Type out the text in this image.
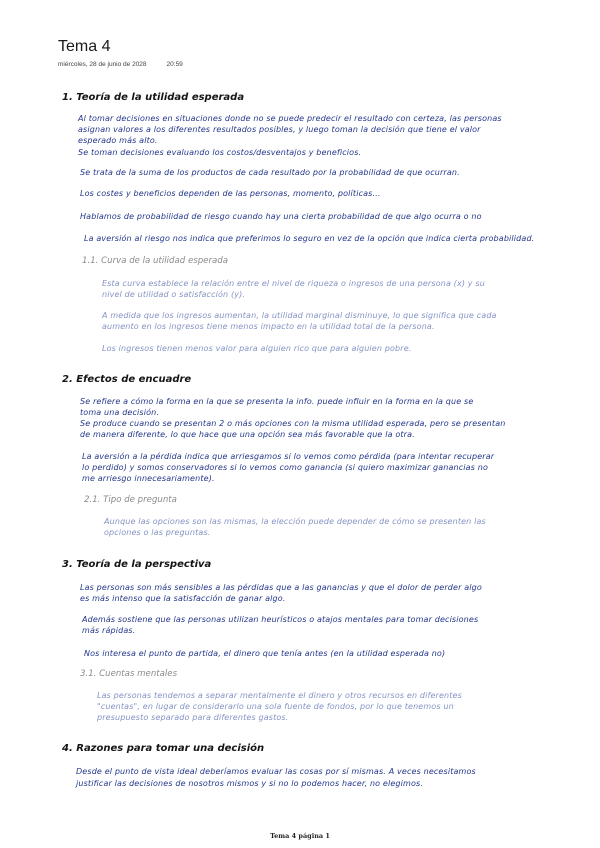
Tema 4
miércoles, 28 de junio de 2028	20:59
1. Teoría de la utilidad esperada
Al tomar decisiones en situaciones donde no se puede predecir el resultado con certeza, las personas
asignan valores a los diferentes resultados posibles, y luego toman la decisión que tiene el valor
esperado más alto.
Se toman decisiones evaluando los costos/desventajos y beneficios.
Se trata de la suma de los productos de cada resultado por la probabilidad de que ocurran.
Los costes y beneficios dependen de las personas, momento, políticas...
Hablamos de probabilidad de riesgo cuando hay una cierta probabilidad de que algo ocurra o no
La aversión al riesgo nos indica que preferimos lo seguro en vez de la opción que indica cierta probabilidad.
1.1. Curva de la utilidad esperada
Esta curva establece la relación entre el nivel de riqueza o ingresos de una persona (x) y su
nivel de utilidad o satisfacción (y).
A medida que los ingresos aumentan, la utilidad marginal disminuye, lo que significa que cada
aumento en los ingresos tiene menos impacto en la utilidad total de la persona.
Los ingresos tienen menos valor para alguien rico que para alguien pobre.
2. Efectos de encuadre
Se refiere a cómo la forma en la que se presenta la info. puede influir en la forma en la que se
toma una decisión.
Se produce cuando se presentan 2 o más opciones con la misma utilidad esperada, pero se presentan
de manera diferente, lo que hace que una opción sea más favorable que la otra.
La aversión a la pérdida indica que arriesgamos si lo vemos como pérdida (para intentar recuperar
lo perdido) y somos conservadores si lo vemos como ganancia (si quiero maximizar ganancias no
me arriesgo innecesariamente).
2.1. Tipo de pregunta
Aunque las opciones son las mismas, la elección puede depender de cómo se presenten las
opciones o las preguntas.
3. Teoría de la perspectiva
Las personas son más sensibles a las pérdidas que a las ganancias y que el dolor de perder algo
es más intenso que la satisfacción de ganar algo.
Además sostiene que las personas utilizan heurísticos o atajos mentales para tomar decisiones
más rápidas.
Nos interesa el punto de partida, el dinero que tenía antes (en la utilidad esperada no)
3.1. Cuentas mentales
Las personas tendemos a separar mentalmente el dinero y otros recursos en diferentes
"cuentas", en lugar de considerarlo una sola fuente de fondos, por lo que tenemos un
presupuesto separado para diferentes gastos.
4. Razones para tomar una decisión
Desde el punto de vista ideal deberíamos evaluar las cosas por sí mismas. A veces necesitamos
justificar las decisiones de nosotros mismos y si no lo podemos hacer, no elegimos.
Tema 4 página 1
